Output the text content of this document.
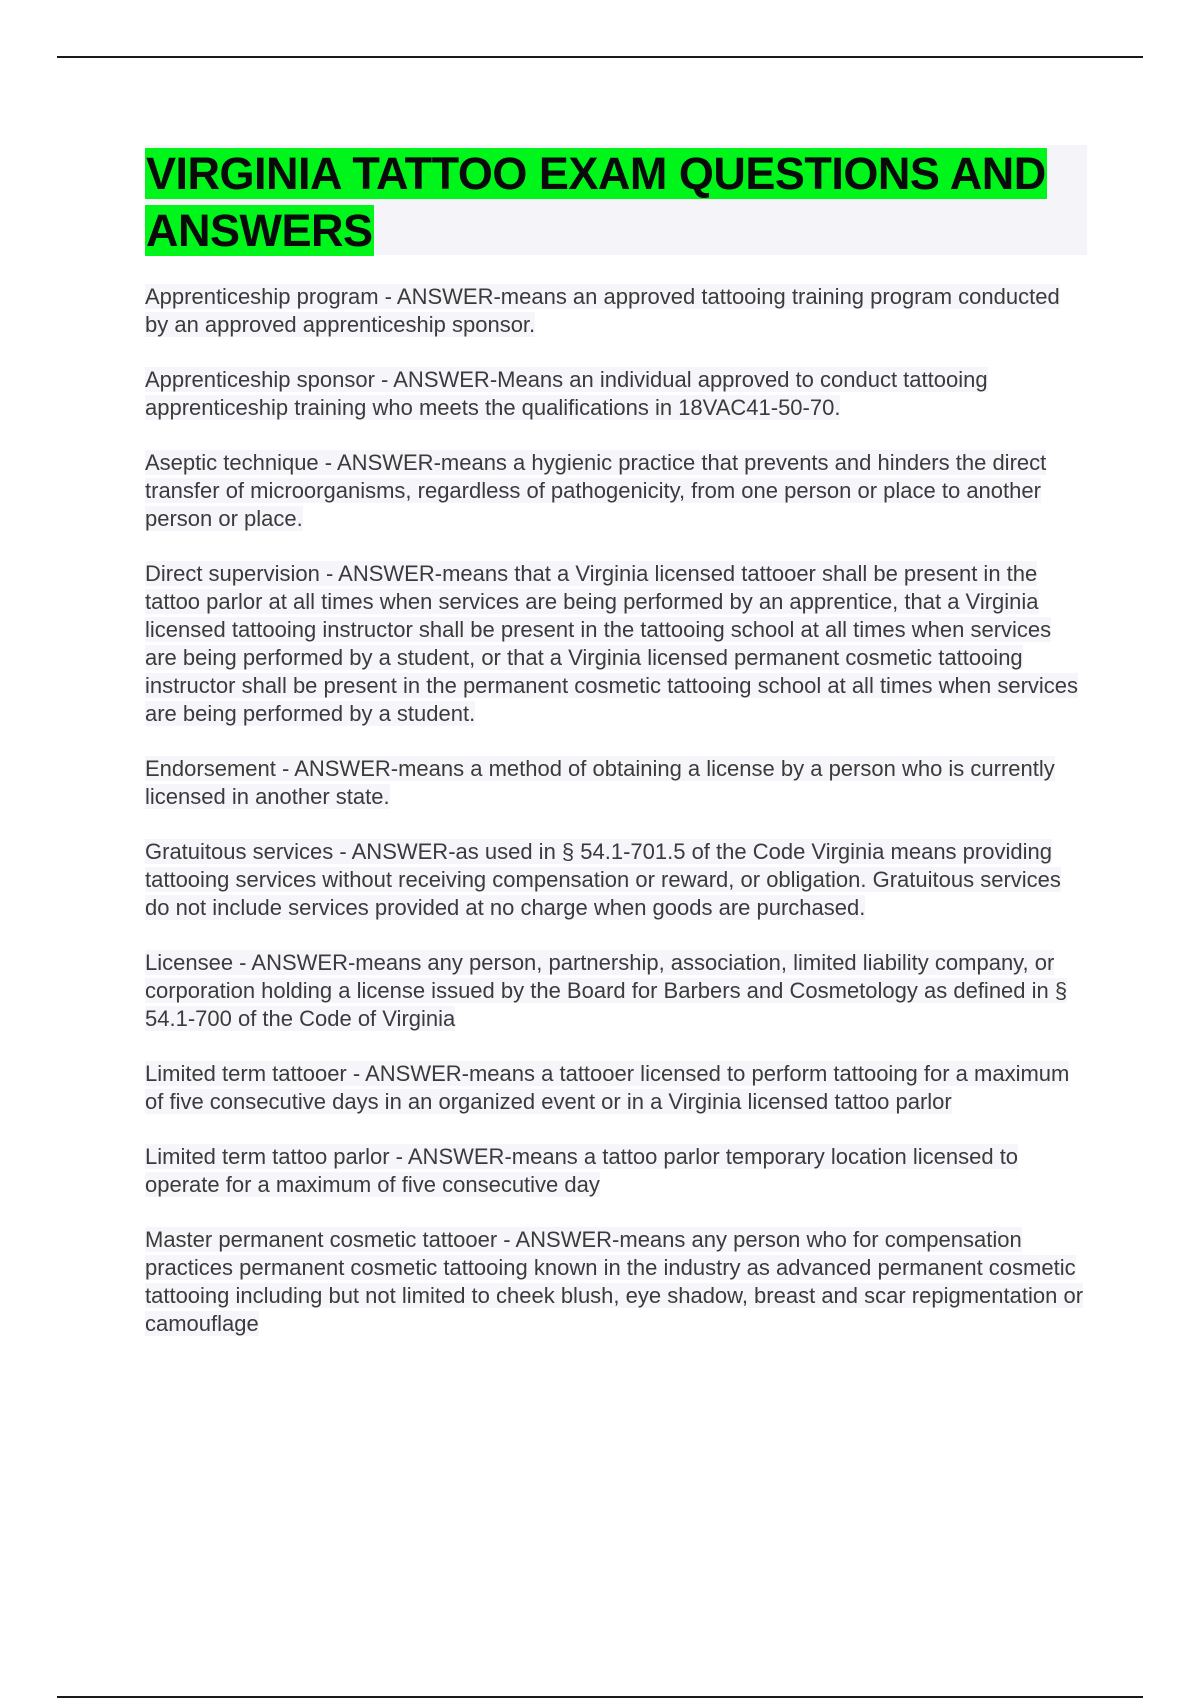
VIRGINIA TATTOO EXAM QUESTIONS AND ANSWERS

Apprenticeship program - ANSWER-means an approved tattooing training program conducted by an approved apprenticeship sponsor.

Apprenticeship sponsor - ANSWER-Means an individual approved to conduct tattooing apprenticeship training who meets the qualifications in 18VAC41-50-70.

Aseptic technique - ANSWER-means a hygienic practice that prevents and hinders the direct transfer of microorganisms, regardless of pathogenicity, from one person or place to another person or place.

Direct supervision - ANSWER-means that a Virginia licensed tattooer shall be present in the tattoo parlor at all times when services are being performed by an apprentice, that a Virginia licensed tattooing instructor shall be present in the tattooing school at all times when services are being performed by a student, or that a Virginia licensed permanent cosmetic tattooing instructor shall be present in the permanent cosmetic tattooing school at all times when services are being performed by a student.

Endorsement - ANSWER-means a method of obtaining a license by a person who is currently licensed in another state.

Gratuitous services - ANSWER-as used in § 54.1-701.5 of the Code Virginia means providing tattooing services without receiving compensation or reward, or obligation. Gratuitous services do not include services provided at no charge when goods are purchased.

Licensee - ANSWER-means any person, partnership, association, limited liability company, or corporation holding a license issued by the Board for Barbers and Cosmetology as defined in § 54.1-700 of the Code of Virginia

Limited term tattooer - ANSWER-means a tattooer licensed to perform tattooing for a maximum of five consecutive days in an organized event or in a Virginia licensed tattoo parlor

Limited term tattoo parlor - ANSWER-means a tattoo parlor temporary location licensed to operate for a maximum of five consecutive day

Master permanent cosmetic tattooer - ANSWER-means any person who for compensation practices permanent cosmetic tattooing known in the industry as advanced permanent cosmetic tattooing including but not limited to cheek blush, eye shadow, breast and scar repigmentation or camouflage
